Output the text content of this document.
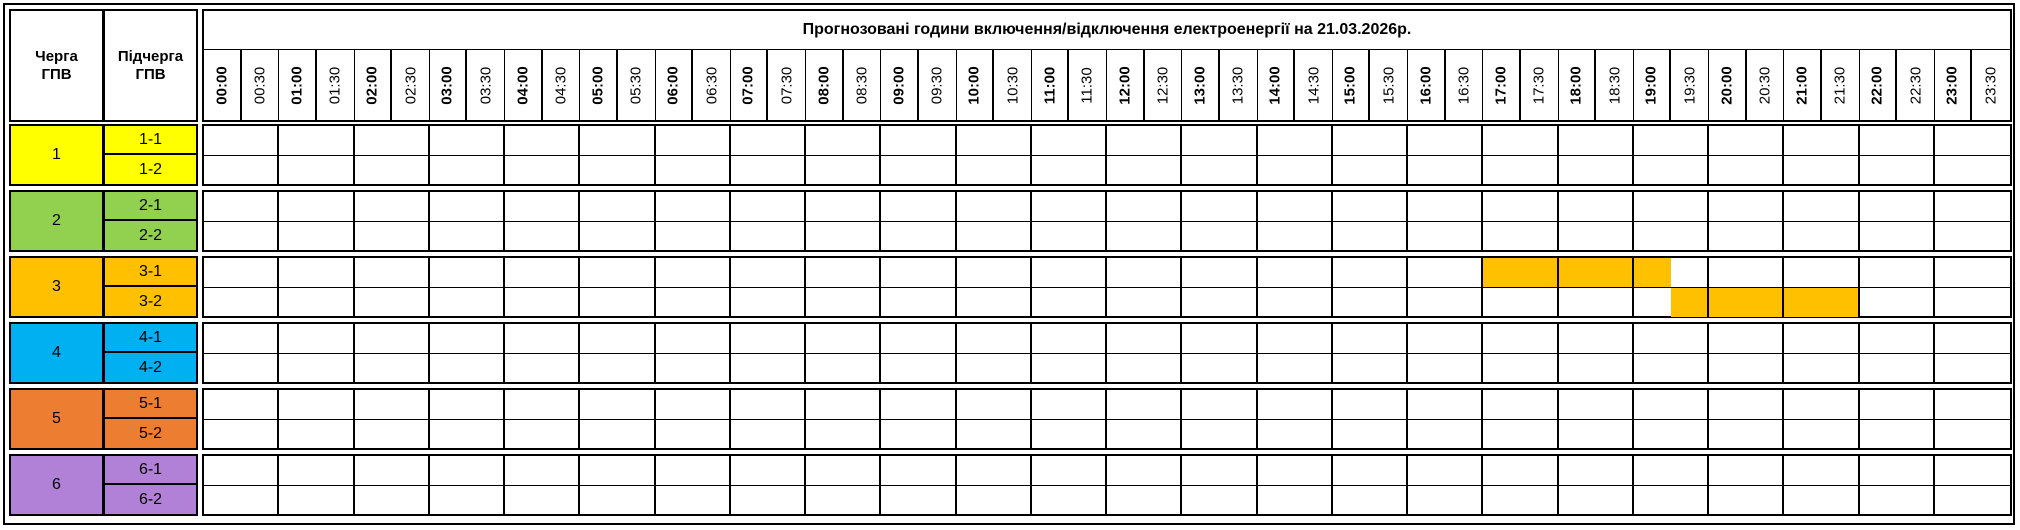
Черга ГПВ
Підчерга ГПВ
Прогнозовані години включення/відключення електроенергії на 21.03.2026р.
00:00 00:30 01:00 01:30 02:00 02:30 03:00 03:30 04:00 04:30 05:00 05:30 06:00 06:30 07:00 07:30 08:00 08:30 09:00 09:30 10:00 10:30 11:00 11:30 12:00 12:30 13:00 13:30 14:00 14:30 15:00 15:30 16:00 16:30 17:00 17:30 18:00 18:30 19:00 19:30 20:00 20:30 21:00 21:30 22:00 22:30 23:00 23:30
1
1-1
1-2
2
2-1
2-2
3
3-1
3-2
4
4-1
4-2
5
5-1
5-2
6
6-1
6-2
